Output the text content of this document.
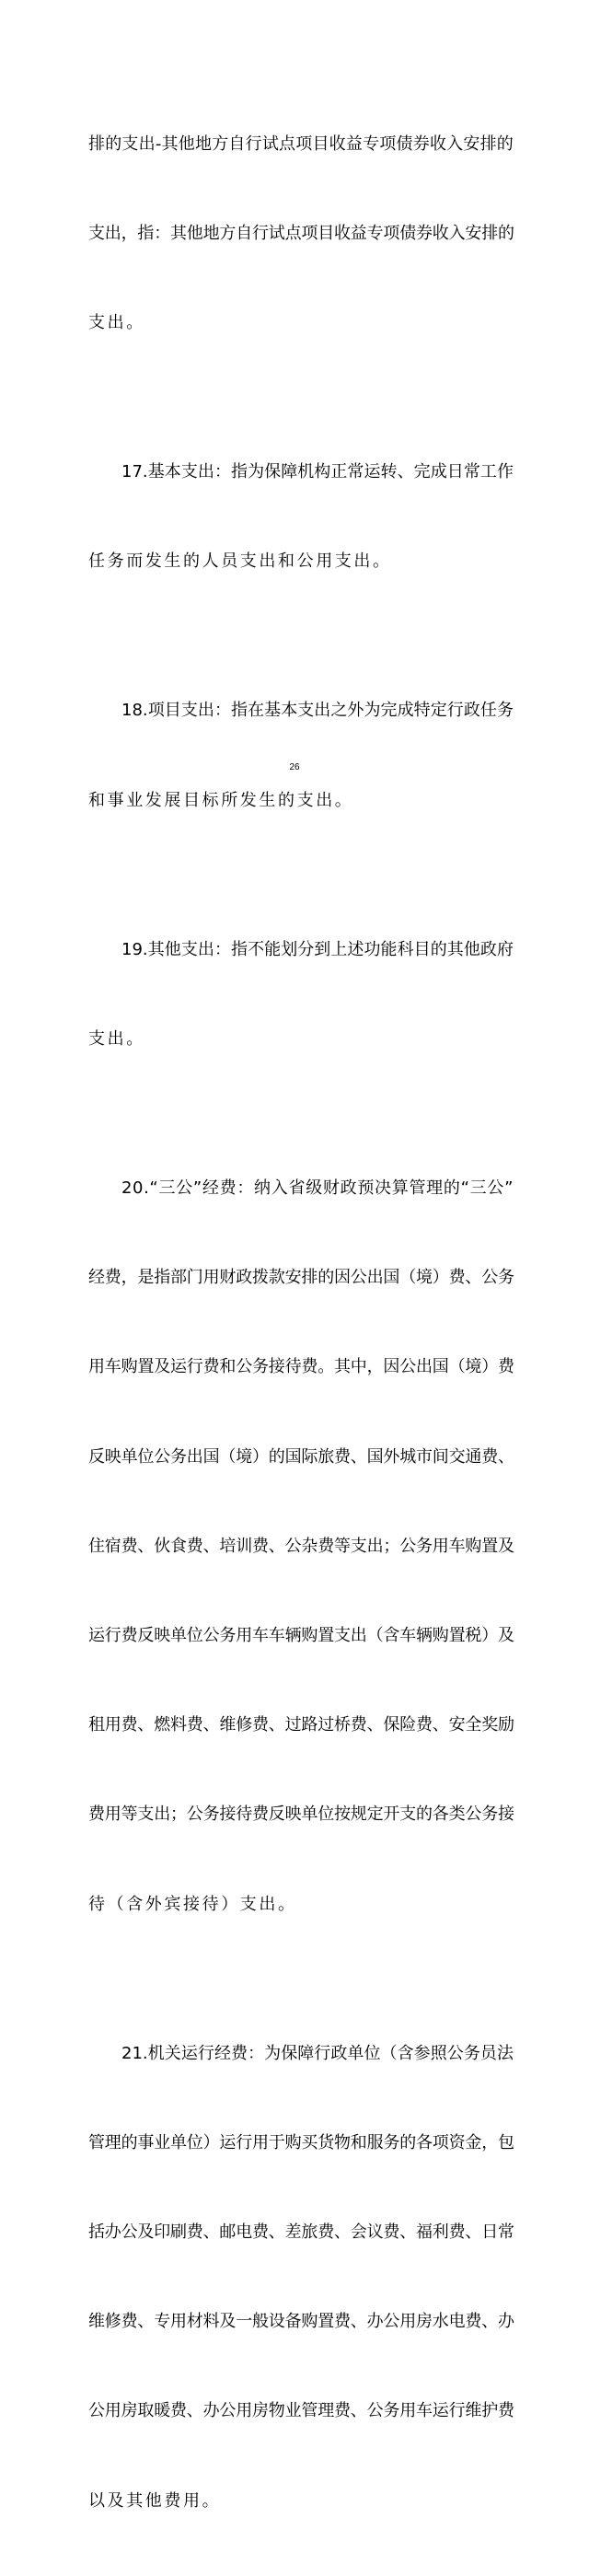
排的支出-其他地方自行试点项目收益专项债券收入安排的

支出，指：其他地方自行试点项目收益专项债券收入安排的

支出。

17.基本支出：指为保障机构正常运转、完成日常工作

任务而发生的人员支出和公用支出。

18.项目支出：指在基本支出之外为完成特定行政任务

和事业发展目标所发生的支出。

19.其他支出：指不能划分到上述功能科目的其他政府

支出。

20.“三公”经费：纳入省级财政预决算管理的“三公”

经费，是指部门用财政拨款安排的因公出国（境）费、公务

用车购置及运行费和公务接待费。其中，因公出国（境）费

反映单位公务出国（境）的国际旅费、国外城市间交通费、

住宿费、伙食费、培训费、公杂费等支出；公务用车购置及

运行费反映单位公务用车车辆购置支出（含车辆购置税）及

租用费、燃料费、维修费、过路过桥费、保险费、安全奖励

费用等支出；公务接待费反映单位按规定开支的各类公务接

待（含外宾接待）支出。

21.机关运行经费：为保障行政单位（含参照公务员法

管理的事业单位）运行用于购买货物和服务的各项资金，包

括办公及印刷费、邮电费、差旅费、会议费、福利费、日常

维修费、专用材料及一般设备购置费、办公用房水电费、办

公用房取暖费、办公用房物业管理费、公务用车运行维护费

以及其他费用。

26
